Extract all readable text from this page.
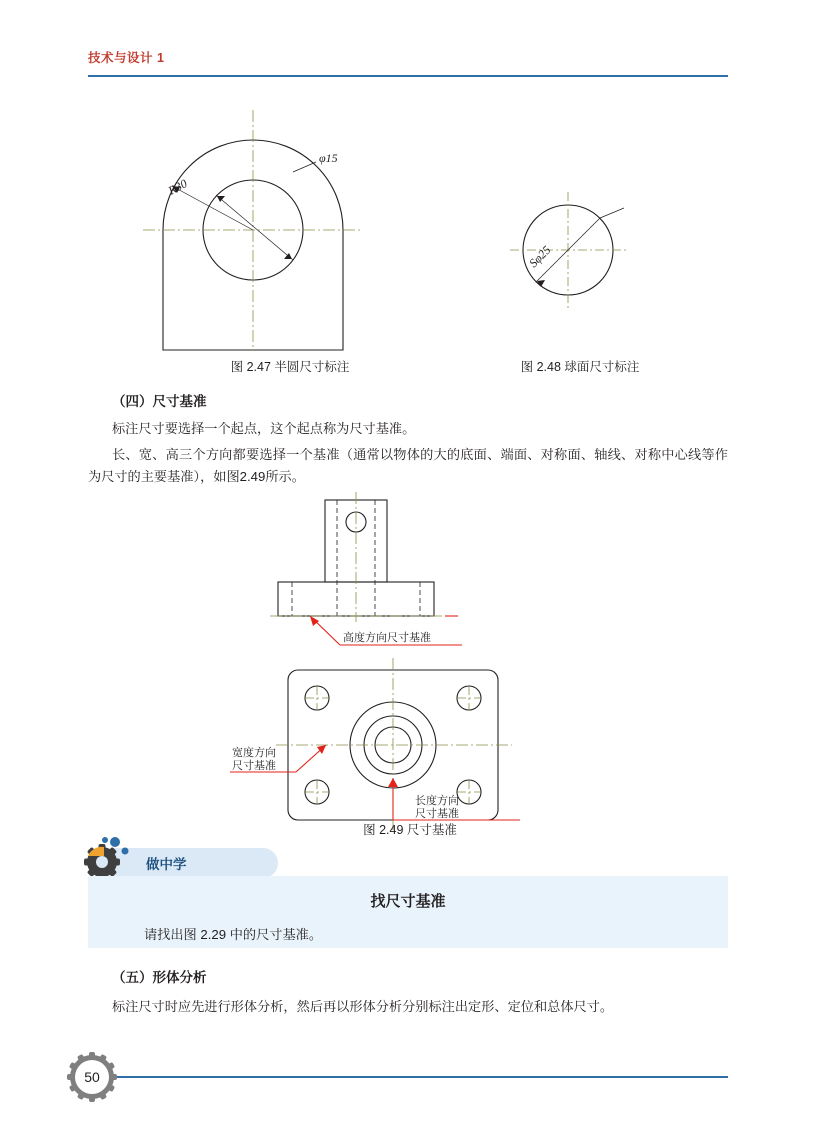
技术与设计 1
R30
φ15
Sφ25
图 2.47 半圆尺寸标注	图 2.48 球面尺寸标注
（四）尺寸基准
标注尺寸要选择一个起点，这个起点称为尺寸基准。
长、宽、高三个方向都要选择一个基准（通常以物体的大的底面、端面、对称面、轴线、对称中心线等作为尺寸的主要基准），如图2.49所示。
高度方向尺寸基准
宽度方向
尺寸基准
长度方向
尺寸基准
图 2.49 尺寸基准
做中学
找尺寸基准
请找出图 2.29 中的尺寸基准。
（五）形体分析
标注尺寸时应先进行形体分析，然后再以形体分析分别标注出定形、定位和总体尺寸。
50
